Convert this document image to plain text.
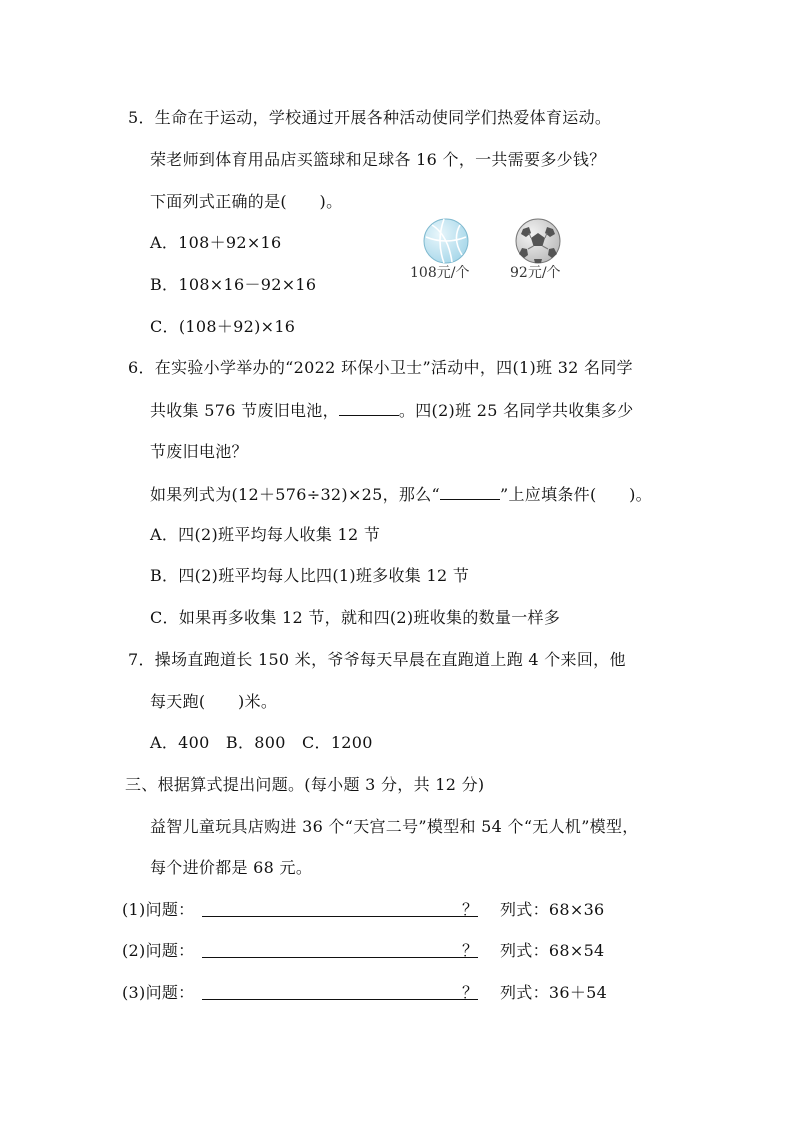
5．生命在于运动，学校通过开展各种活动使同学们热爱体育运动。
荣老师到体育用品店买篮球和足球各 16 个，一共需要多少钱？
下面列式正确的是(　　)。
A．108＋92×16
B．108×16－92×16
C．(108＋92)×16
108元/个	92元/个
6．在实验小学举办的“2022 环保小卫士”活动中，四(1)班 32 名同学
共收集 576 节废旧电池，	。四(2)班 25 名同学共收集多少
节废旧电池？
如果列式为(12＋576÷32)×25，那么“	”上应填条件(　　)。
A．四(2)班平均每人收集 12 节
B．四(2)班平均每人比四(1)班多收集 12 节
C．如果再多收集 12 节，就和四(2)班收集的数量一样多
7．操场直跑道长 150 米，爷爷每天早晨在直跑道上跑 4 个来回，他
每天跑(　　)米。
A．400　B．800　C．1200
三、根据算式提出问题。(每小题 3 分，共 12 分)
益智儿童玩具店购进 36 个“天宫二号”模型和 54 个“无人机”模型，
每个进价都是 68 元。
(1)问题：	？ 列式：68×36
(2)问题：	？ 列式：68×54
(3)问题：	？ 列式：36＋54
